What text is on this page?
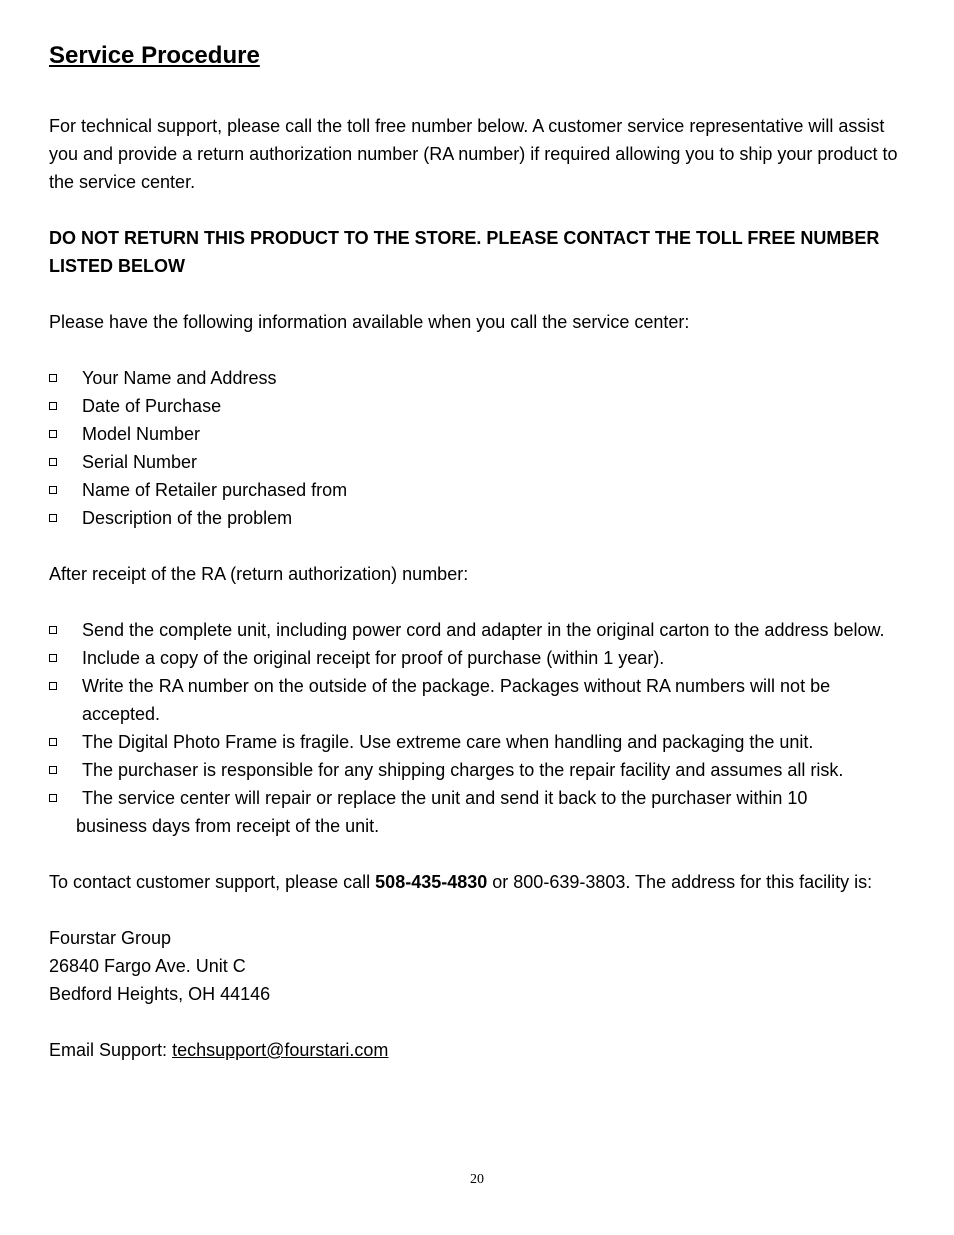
Service Procedure

For technical support, please call the toll free number below. A customer service representative will assist you and provide a return authorization number (RA number) if required allowing you to ship your product to the service center.

DO NOT RETURN THIS PRODUCT TO THE STORE. PLEASE CONTACT THE TOLL FREE NUMBER LISTED BELOW

Please have the following information available when you call the service center:

Your Name and Address
Date of Purchase
Model Number
Serial Number
Name of Retailer purchased from
Description of the problem

After receipt of the RA (return authorization) number:

Send the complete unit, including power cord and adapter in the original carton to the address below.
Include a copy of the original receipt for proof of purchase (within 1 year).
Write the RA number on the outside of the package. Packages without RA numbers will not be accepted.
The Digital Photo Frame is fragile. Use extreme care when handling and packaging the unit.
The purchaser is responsible for any shipping charges to the repair facility and assumes all risk.
The service center will repair or replace the unit and send it back to the purchaser within 10
business days from receipt of the unit.

To contact customer support, please call 508-435-4830 or 800-639-3803. The address for this facility is:

Fourstar Group

26840 Fargo Ave. Unit C

Bedford Heights, OH 44146

Email Support: techsupport@fourstari.com

20
